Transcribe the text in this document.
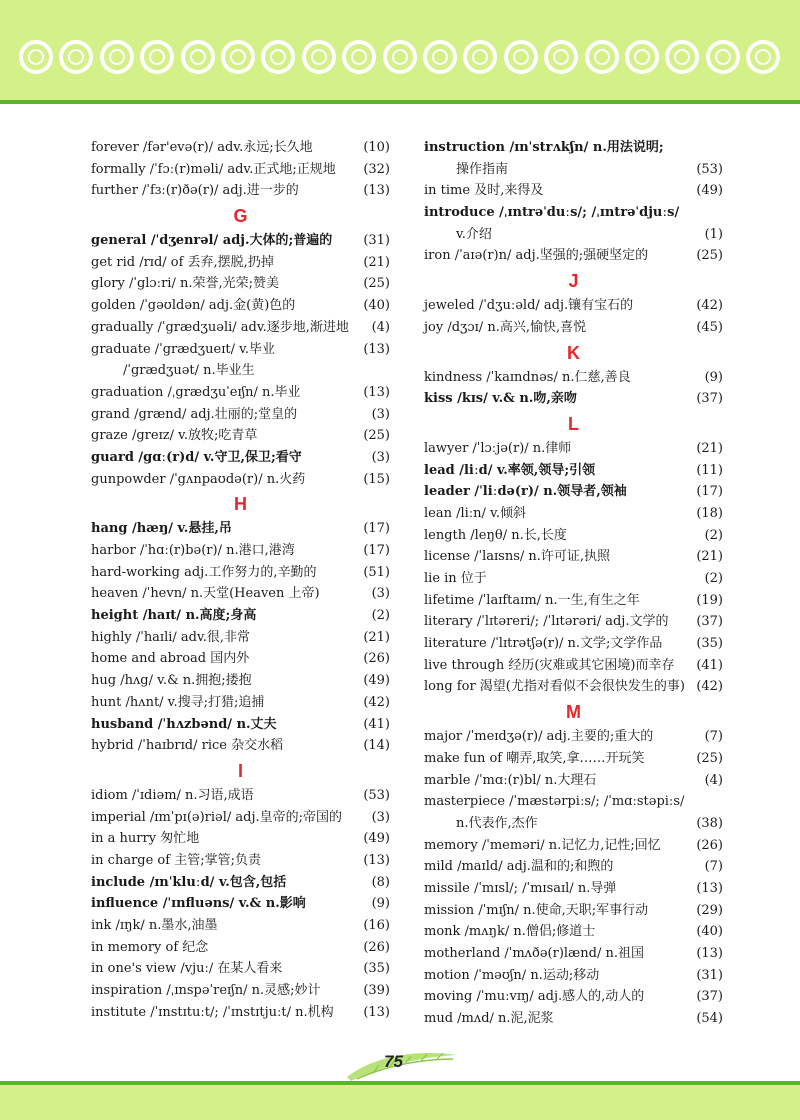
forever /fər'evə(r)/ adv.永远;长久地	(10)
formally /ˈfɔː(r)məli/ adv.正式地;正规地 (32)
further /ˈfɜː(r)ðə(r)/ adj.进一步的	(13)
G
general /ˈdʒenrəl/ adj.大体的;普遍的 (31)
get rid /rɪd/ of 丢弃,摆脱,扔掉	(21)
glory /ˈglɔːri/ n.荣誉,光荣;赞美	(25)
golden /ˈgəʊldən/ adj.金(黄)色的	(40)
gradually /ˈgrædʒuəli/ adv.逐步地,渐进地 (4)
graduate /ˈgrædʒueɪt/ v.毕业	(13)
/ˈgrædʒuət/ n.毕业生
graduation /ˌgrædʒuˈeɪʃn/ n.毕业	(13)
grand /grænd/ adj.壮丽的;堂皇的	(3)
graze /greɪz/ v.放牧;吃青草	(25)
guard /gɑː(r)d/ v.守卫,保卫;看守	(3)
gunpowder /ˈgʌnpaʊdə(r)/ n.火药	(15)
H
hang /hæŋ/ v.悬挂,吊	(17)
harbor /ˈhɑː(r)bə(r)/ n.港口,港湾	(17)
hard-working adj.工作努力的,辛勤的	(51)
heaven /ˈhevn/ n.天堂(Heaven 上帝)	(3)
height /haɪt/ n.高度;身高	(2)
highly /ˈhaɪli/ adv.很,非常	(21)
home and abroad 国内外	(26)
hug /hʌg/ v.& n.拥抱;搂抱	(49)
hunt /hʌnt/ v.搜寻;打猎;追捕	(42)
husband /ˈhʌzbənd/ n.丈夫	(41)
hybrid /ˈhaɪbrɪd/ rice 杂交水稻	(14)
I
idiom /ˈɪdiəm/ n.习语,成语	(53)
imperial /ɪmˈpɪ(ə)riəl/ adj.皇帝的;帝国的 (3)
in a hurry 匆忙地	(49)
in charge of 主管;掌管;负责	(13)
include /ɪnˈkluːd/ v.包含,包括	(8)
influence /ˈɪnfluəns/ v.& n.影响	(9)
ink /ɪŋk/ n.墨水,油墨	(16)
in memory of 纪念	(26)
in one's view /vjuː/ 在某人看来	(35)
inspiration /ˌɪnspəˈreɪʃn/ n.灵感;妙计	(39)
institute /ˈɪnstɪtuːt/; /ˈɪnstɪtjuːt/ n.机构 (13)
instruction /ɪnˈstrʌkʃn/ n.用法说明;
操作指南	(53)
in time 及时,来得及	(49)
introduce /ˌɪntrəˈduːs/; /ˌɪntrəˈdjuːs/
v.介绍	(1)
iron /ˈaɪə(r)n/ adj.坚强的;强硬坚定的	(25)
J
jeweled /ˈdʒuːəld/ adj.镶有宝石的	(42)
joy /dʒɔɪ/ n.高兴,愉快,喜悦	(45)
K
kindness /ˈkaɪndnəs/ n.仁慈,善良	(9)
kiss /kɪs/ v.& n.吻,亲吻	(37)
L
lawyer /ˈlɔːjə(r)/ n.律师	(21)
lead /liːd/ v.率领,领导;引领	(11)
leader /ˈliːdə(r)/ n.领导者,领袖	(17)
lean /liːn/ v.倾斜	(18)
length /leŋθ/ n.长,长度	(2)
license /ˈlaɪsns/ n.许可证,执照	(21)
lie in 位于	(2)
lifetime /ˈlaɪftaɪm/ n.一生,有生之年	(19)
literary /ˈlɪtəreri/; /ˈlɪtərəri/ adj.文学的 (37)
literature /ˈlɪtrətʃə(r)/ n.文学;文学作品	(35)
live through 经历(灾难或其它困境)而幸存 (41)
long for 渴望(尤指对看似不会很快发生的事) (42)
M
major /ˈmeɪdʒə(r)/ adj.主要的;重大的	(7)
make fun of 嘲弄,取笑,拿……开玩笑	(25)
marble /ˈmɑː(r)bl/ n.大理石	(4)
masterpiece /ˈmæstərpiːs/; /ˈmɑːstəpiːs/
n.代表作,杰作	(38)
memory /ˈmeməri/ n.记忆力,记性;回忆	(26)
mild /maɪld/ adj.温和的;和煦的	(7)
missile /ˈmɪsl/; /ˈmɪsaɪl/ n.导弹	(13)
mission /ˈmɪʃn/ n.使命,天职;军事行动	(29)
monk /mʌŋk/ n.僧侣;修道士	(40)
motherland /ˈmʌðə(r)lænd/ n.祖国	(13)
motion /ˈməʊʃn/ n.运动;移动	(31)
moving /ˈmuːvɪŋ/ adj.感人的,动人的	(37)
mud /mʌd/ n.泥,泥浆	(54)
75
